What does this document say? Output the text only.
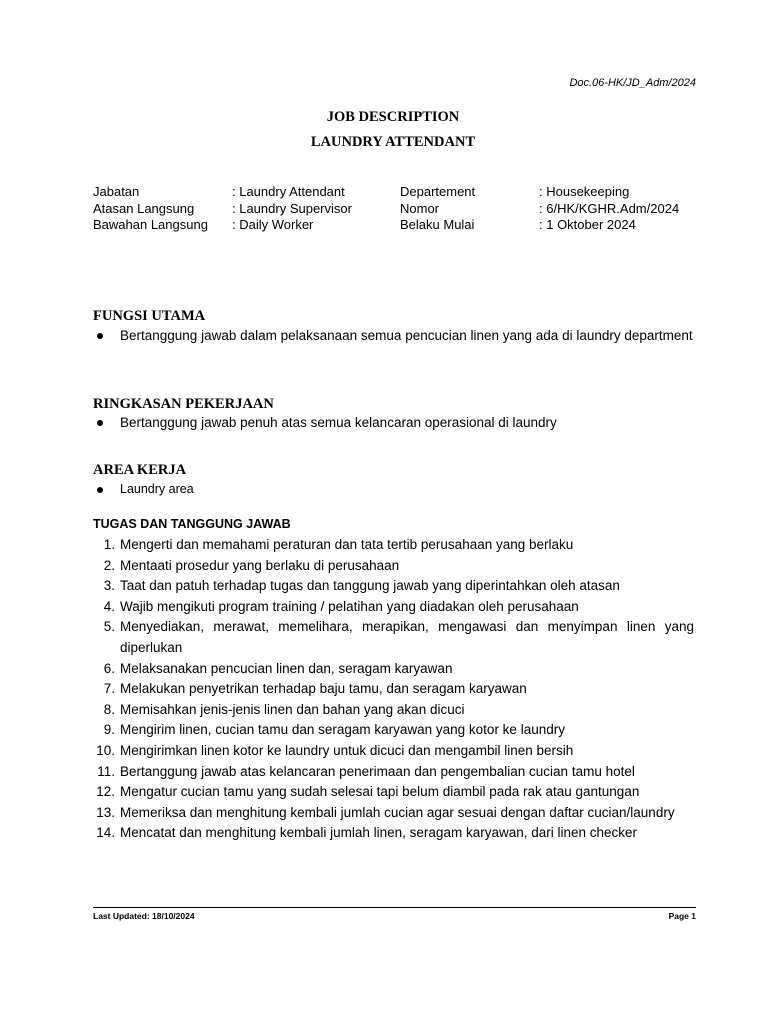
Doc.06-HK/JD_Adm/2024
JOB DESCRIPTION
LAUNDRY ATTENDANT
Jabatan
Atasan Langsung
Bawahan Langsung
: Laundry Attendant
: Laundry Supervisor
: Daily Worker
Departement
Nomor
Belaku Mulai
: Housekeeping
: 6/HK/KGHR.Adm/2024
: 1 Oktober 2024
FUNGSI UTAMA
Bertanggung jawab dalam pelaksanaan semua pencucian linen yang ada di laundry department
RINGKASAN PEKERJAAN
Bertanggung jawab penuh atas semua kelancaran operasional di laundry
AREA KERJA
Laundry area
TUGAS DAN TANGGUNG JAWAB
1. Mengerti dan memahami peraturan dan tata tertib perusahaan yang berlaku
2. Mentaati prosedur yang berlaku di perusahaan
3. Taat dan patuh terhadap tugas dan tanggung jawab yang diperintahkan oleh atasan
4. Wajib mengikuti program training / pelatihan yang diadakan oleh perusahaan
5. Menyediakan, merawat, memelihara, merapikan, mengawasi dan menyimpan linen yang diperlukan
6. Melaksanakan pencucian linen dan, seragam karyawan
7. Melakukan penyetrikan terhadap baju tamu, dan seragam karyawan
8. Memisahkan jenis-jenis linen dan bahan yang akan dicuci
9. Mengirim linen, cucian tamu dan seragam karyawan yang kotor ke laundry
10. Mengirimkan linen kotor ke laundry untuk dicuci dan mengambil linen bersih
11. Bertanggung jawab atas kelancaran penerimaan dan pengembalian cucian tamu hotel
12. Mengatur cucian tamu yang sudah selesai tapi belum diambil pada rak atau gantungan
13. Memeriksa dan menghitung kembali jumlah cucian agar sesuai dengan daftar cucian/laundry
14. Mencatat dan menghitung kembali jumlah linen, seragam karyawan, dari linen checker
Last Updated: 18/10/2024	Page 1
